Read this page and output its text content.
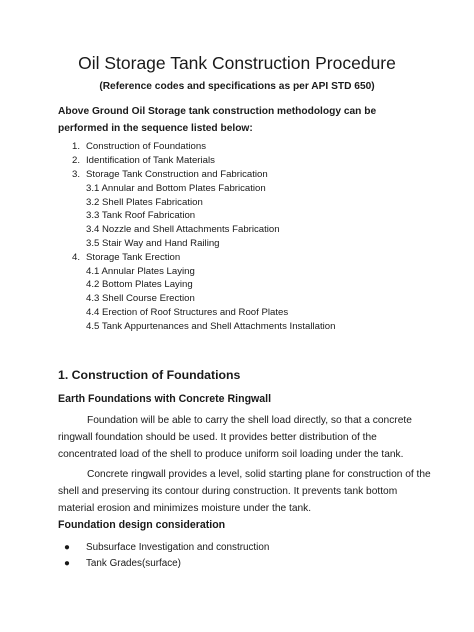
Oil Storage Tank Construction Procedure
(Reference codes and specifications as per API STD 650)
Above Ground Oil Storage tank construction methodology can be performed in the sequence listed below:
1. Construction of Foundations
2. Identification of Tank Materials
3. Storage Tank Construction and Fabrication
3.1 Annular and Bottom Plates Fabrication
3.2 Shell Plates Fabrication
3.3 Tank Roof Fabrication
3.4 Nozzle and Shell Attachments Fabrication
3.5 Stair Way and Hand Railing
4. Storage Tank Erection
4.1 Annular Plates Laying
4.2 Bottom Plates Laying
4.3 Shell Course Erection
4.4 Erection of Roof Structures and Roof Plates
4.5 Tank Appurtenances and Shell Attachments Installation
1. Construction of Foundations
Earth Foundations with Concrete Ringwall

Foundation will be able to carry the shell load directly, so that a concrete ringwall foundation should be used. It provides better distribution of the concentrated load of the shell to produce uniform soil loading under the tank.

Concrete ringwall provides a level, solid starting plane for construction of the shell and preserving its contour during construction. It prevents tank bottom material erosion and minimizes moisture under the tank.

Foundation design consideration
● Subsurface Investigation and construction
● Tank Grades(surface)
